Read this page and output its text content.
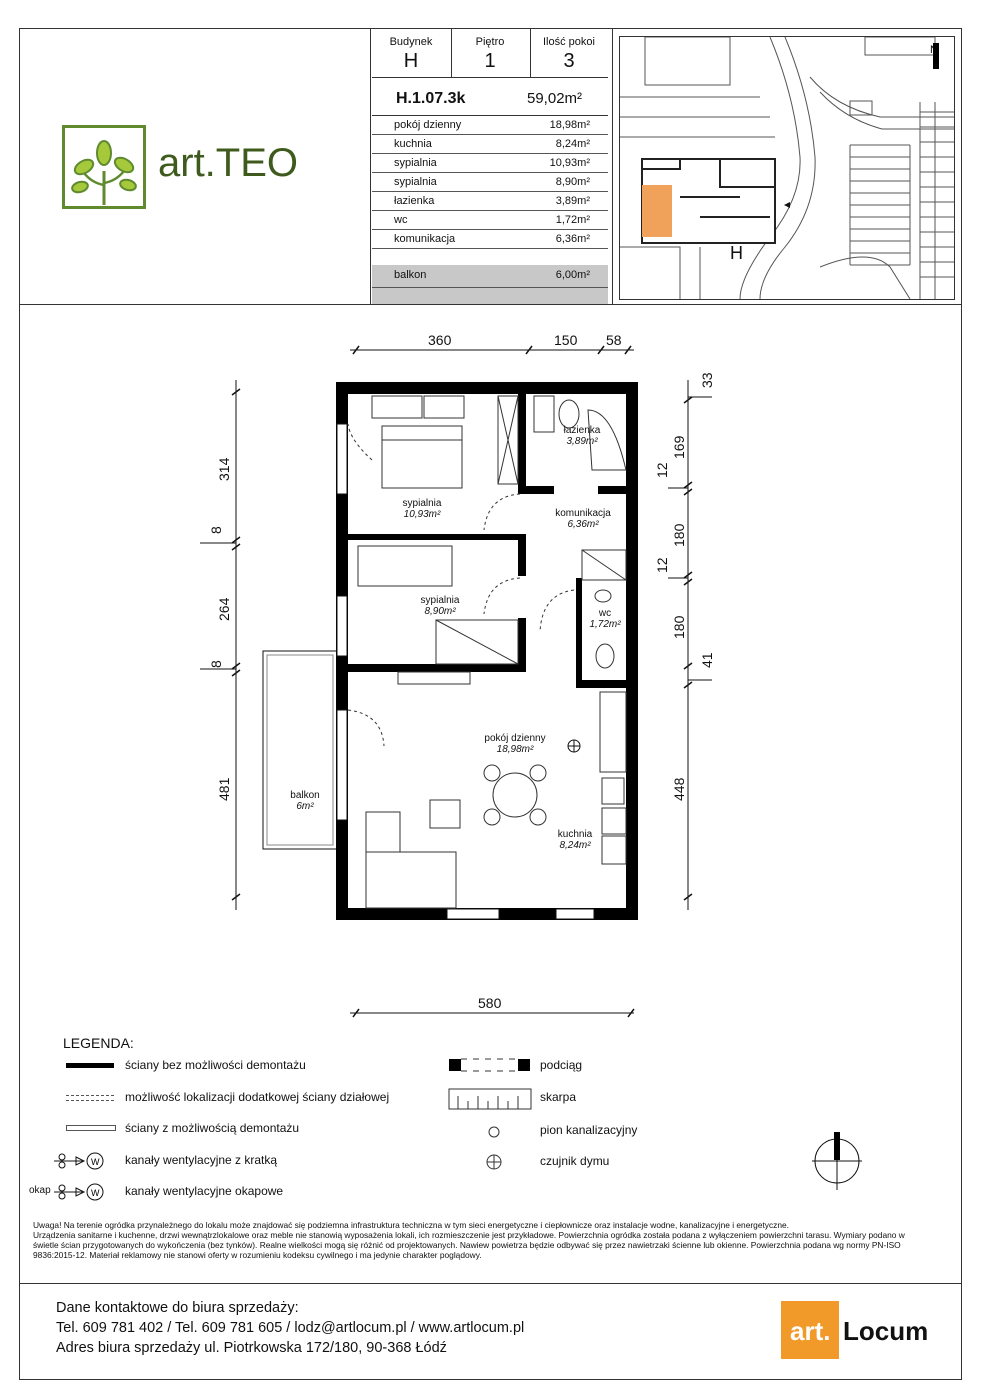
art.TEO
Budynek
H
Piętro
1
Ilość pokoi
3
H.1.07.3k	59,02m²
pokój dzienny	18,98m²
kuchnia	8,24m²
sypialnia	10,93m²
sypialnia	8,90m²
łazienka	3,89m²
wc	1,72m²
komunikacja	6,36m²
balkon	6,00m²
H
N
łazienka
3,89m²
komunikacja
6,36m²
sypialnia
10,93m²
sypialnia
8,90m²	wc
1,72m²
pokój dzienny
18,98m²
kuchnia
8,24m²
balkon
6m²
360	150 58
580
314
8
264
8
481
33
169
12
180
12
180
41
448
LEGENDA:
ściany bez możliwości demontażu
możliwość lokalizacji dodatkowej ściany działowej
ściany z możliwością demontażu
W kanały wentylacyjne z kratką
okap	W kanały wentylacyjne okapowe
podciąg
skarpa
pion kanalizacyjny
czujnik dymu
Uwaga! Na terenie ogródka przynależnego do lokalu może znajdować się podziemna infrastruktura techniczna w tym sieci energetyczne i ciepłownicze oraz instalacje wodne, kanalizacyjne i energetyczne.
Urządzenia sanitarne i kuchenne, drzwi wewnątrzlokalowe oraz meble nie stanowią wyposażenia lokali, ich rozmieszczenie jest przykładowe. Powierzchnia ogródka została podana z wyłączeniem powierzchni tarasu. Wymiary podano w świetle ścian przygotowanych do wykończenia (bez tynków). Realne wielkości mogą się różnić od projektowanych. Nawiew powietrza będzie odbywać się przez nawietrzaki ścienne lub okienne. Powierzchnia podana wg normy PN-ISO 9836:2015-12. Materiał reklamowy nie stanowi oferty w rozumieniu kodeksu cywilnego i ma jedynie charakter poglądowy.
Dane kontaktowe do biura sprzedaży:
Tel. 609 781 402 / Tel. 609 781 605 / lodz@artlocum.pl / www.artlocum.pl
Adres biura sprzedaży ul. Piotrkowska 172/180, 90-368 Łódź
art. Locum
